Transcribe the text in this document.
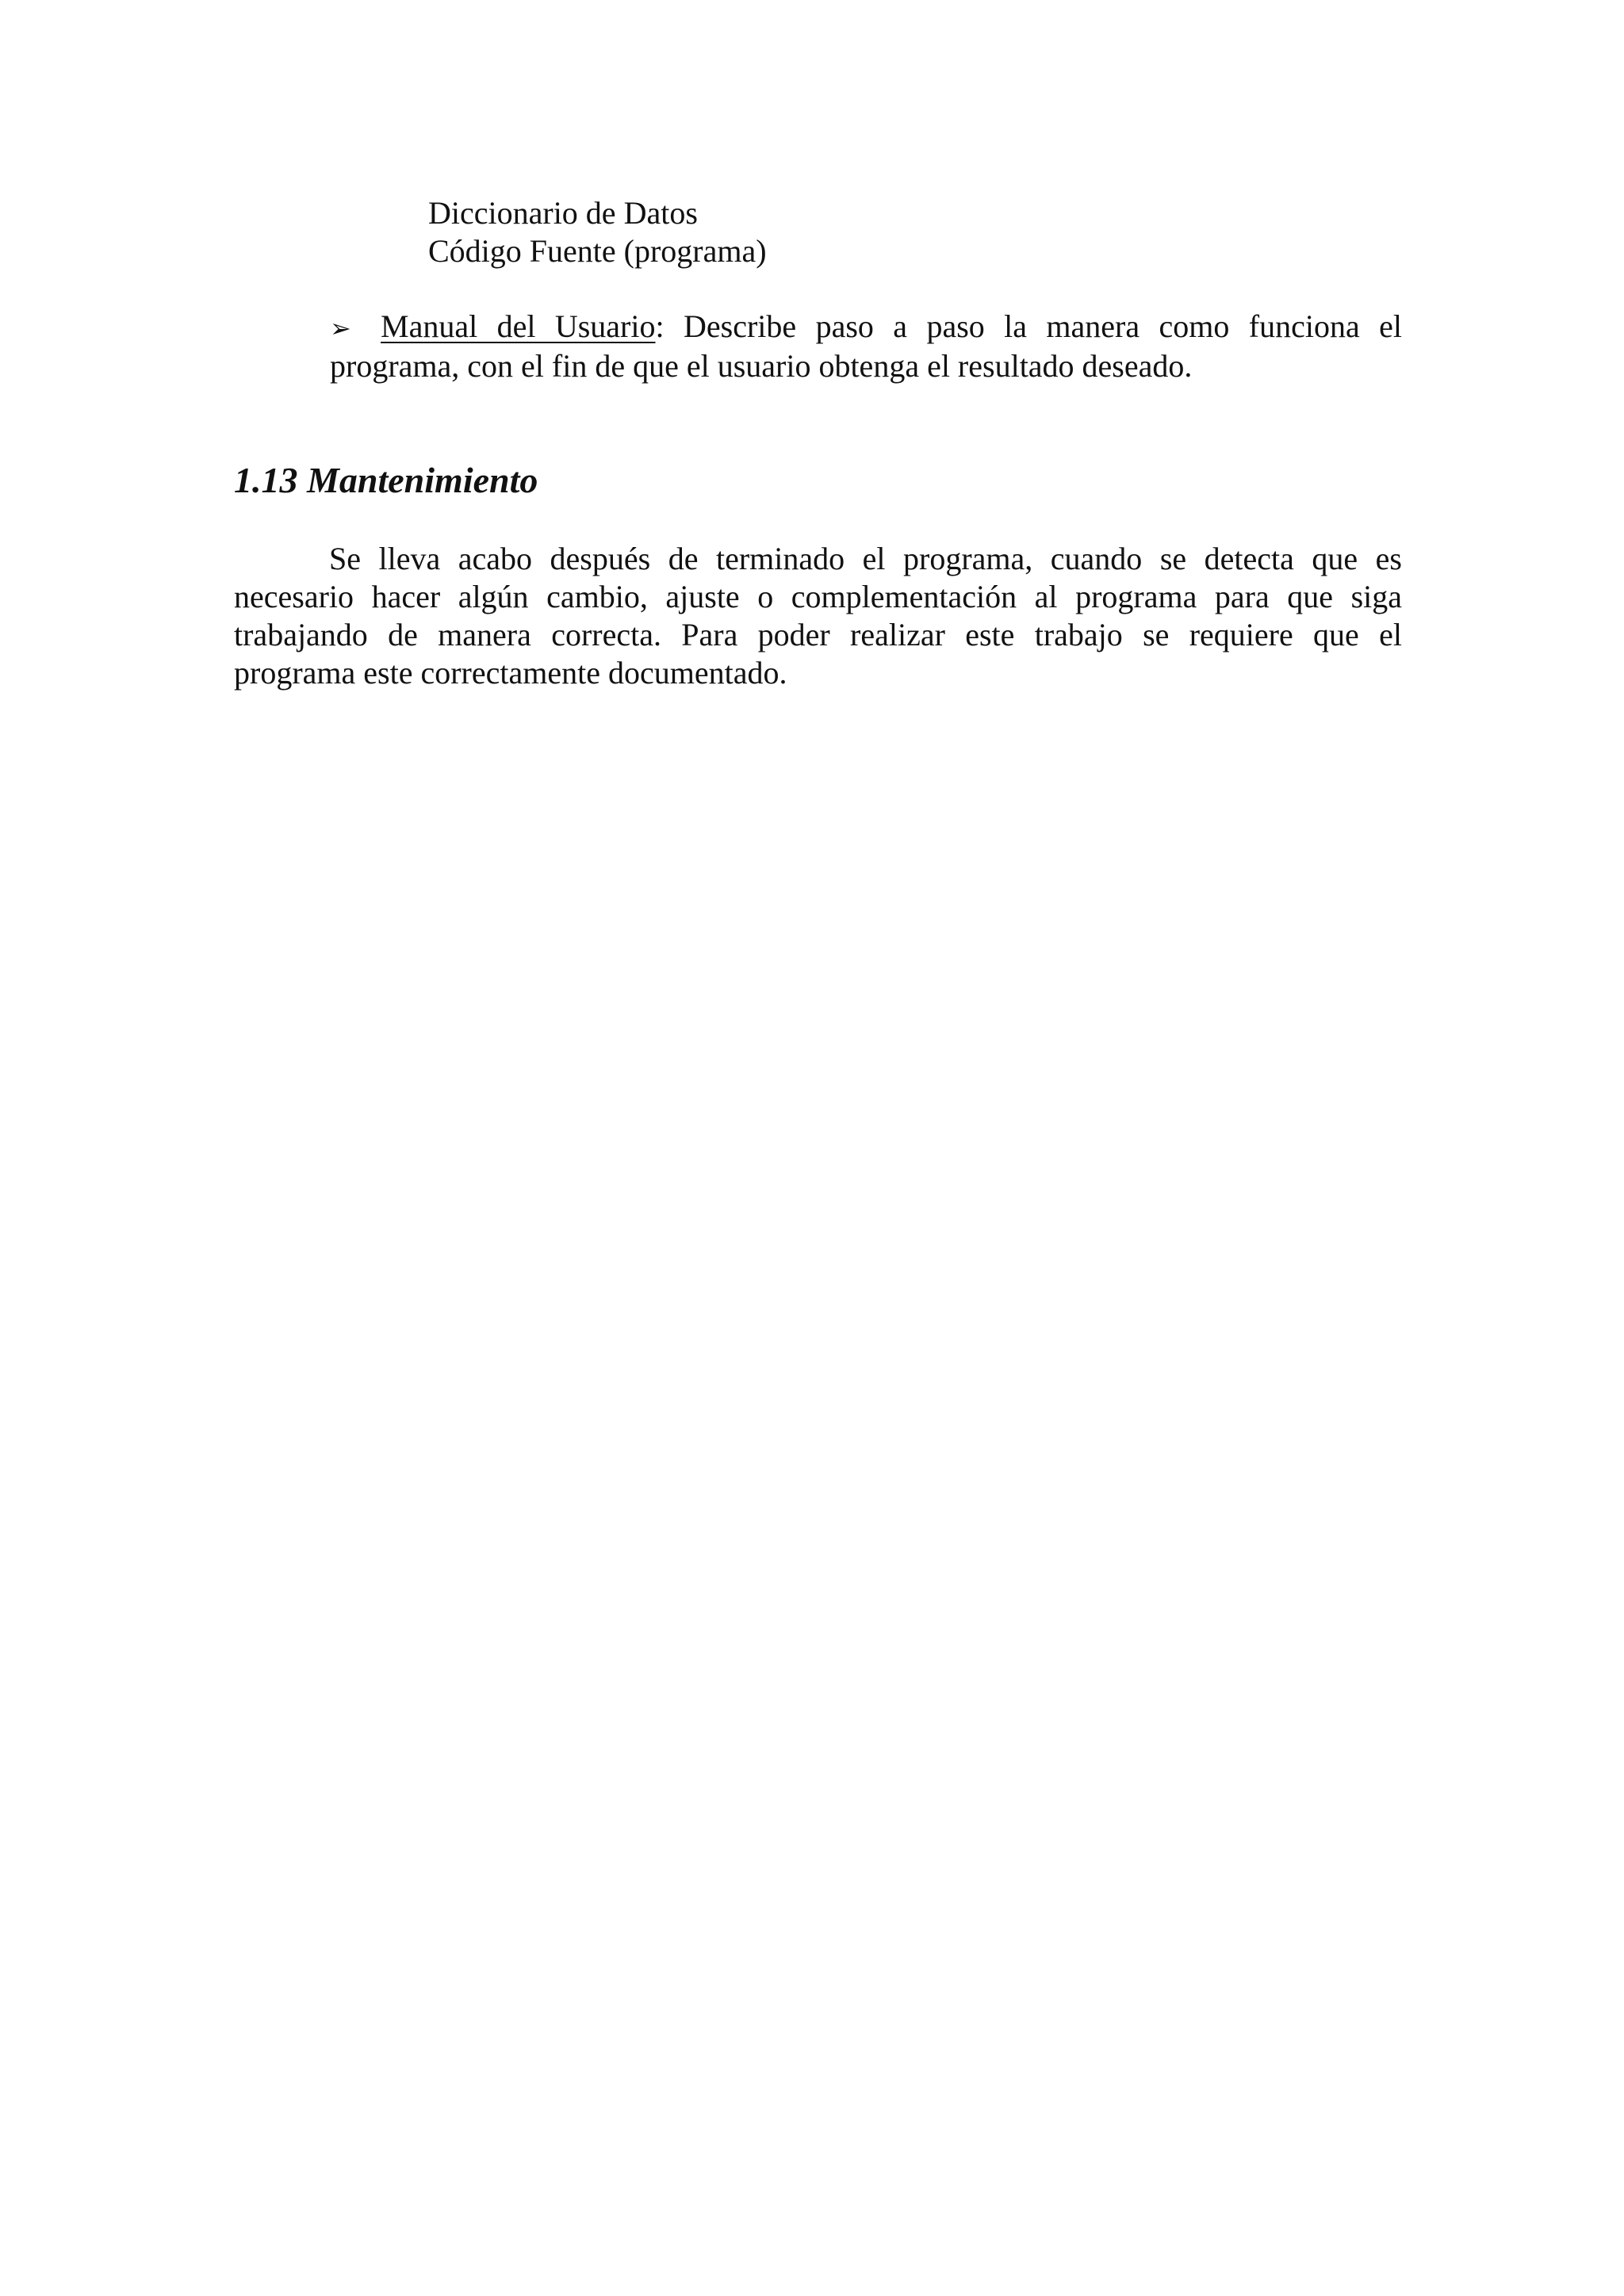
Diccionario de Datos
Código Fuente (programa)
➢ Manual del Usuario: Describe paso a paso la manera como funciona el
programa, con el fin de que el usuario obtenga el resultado deseado.
1.13 Mantenimiento
Se lleva acabo después de terminado el programa, cuando se detecta que es
necesario hacer algún cambio, ajuste o complementación al programa para que siga
trabajando de manera correcta. Para poder realizar este trabajo se requiere que el
programa este correctamente documentado.
